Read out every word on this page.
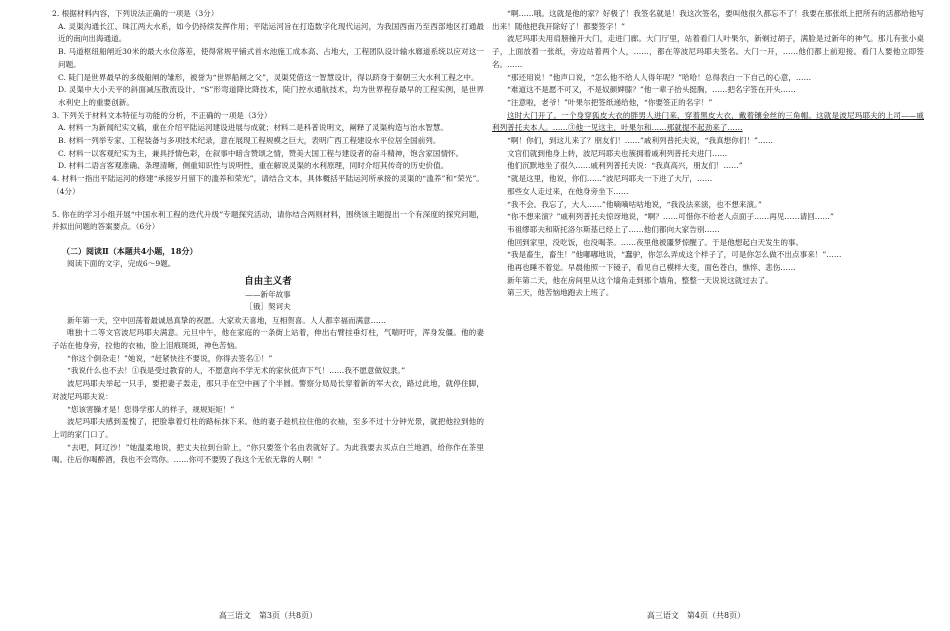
2. 根据材料内容，下列说法正确的一项是（3分）

A. 灵渠沟通长江、珠江两大水系，如今仍持续发挥作用；平陆运河旨在打造数字化现代运河，为我国西南乃至西部地区打通最近的南向出海通道。

B. 马道枢纽船闸近30米的最大水位落差，使得常规平铺式首水池施工成本高、占地大，工程团队设计输水廊道系统以应对这一问题。

C. 陡门是世界最早的多级船闸的雏形，被誉为“世界船闸之父”，灵渠凭借这一智慧设计，得以跻身于秦朝三大水利工程之中。

D. 灵渠中大小天平的斜面减压散流设计、“S”形弯道降比降技术，陡门控水通航技术，均为世界程存最早的工程实例，是世界水利史上的重要创新。

3. 下列关于材料文本特征与功能的分析，不正确的一项是（3分）

A. 材料一为新闻纪实文稿，重在介绍平陆运河建设进展与成就；材料二是科普说明文，阐释了灵渠构造与治水智慧。

B. 材料一列举专家、工程装备与多项技术纪录，意在展现工程规模之巨大，表明广西工程建设水平位居全国前列。

C. 材料一以客观纪实为主，兼具抒情色彩，在叙事中暗含赞颂之情，赞美大国工程与建设者的奋斗精神，饱含家国情怀。

D. 材料二语言客观准确、条理清晰，侧重知识性与说明性，重在解说灵渠的水利原理，同时介绍其传奇的历史价值。

4. 材料一指出平陆运河的修建“承接岁月留下的滥养和荣光”，请结合文本，具体概括平陆运河所承接的灵渠的“滥养”和“荣光”。（4分）

5. 你在的学习小组开展“中国水利工程的迭代升级”专题探究活动，请你结合两则材料，围绕该主题提出一个有深度的探究问题，并拟出问题的答案要点。（6分）

（二）阅读Ⅱ（本题共4小题，18分）

阅读下面的文字，完成6～9题。

自由主义者

——新年故事

［俄］契诃夫

新年第一天，空中回荡着最诚恳真挚的祝愿。大家欢天喜地，互相贺喜。人人都幸福而满意……

唯独十二等文官波尼玛耶夫满意。元旦中午，他在家庭的一条街上站着，伸出右臂挂垂灯柱，气喘吁吁，浑身发僵。他的妻子站在他身旁，拉他的衣袖，脸上泪痕斑斑，神色苦恼。

“你这个倒杂走！”她说，“赶紧快往不要说，你得去签名①！”

“我说什么也不去！①我是受过教育的人，不愿意向不学无术的家伙低声下气！……我不愿意做奴隶。”

波尼玛耶夫举起一只手，要把妻子轰走，那只手在空中画了个半圆。警察分局局长穿着新的军大衣，路过此地，就停住脚，对波尼玛耶夫说：

“您该害臊才是！您得学那人的样子，规规矩矩！”

波尼玛耶夫感到羞愧了，把脸靠着灯柱的路标抹下来。他的妻子趁机拉住他的衣袖，至多不过十分钟光景，就把他拉到他的上司的家门口了。

“去吧，阿辽沙！”她温柔地说，把丈夫拉到台阶上，“你只要签个名由表就好了。为此我要去买点白兰地酒，给你作在茶里喝。往后你喝醉酒，我也不会骂你。……你可不要毁了我这个无依无靠的人啊！”

“啊……哦。这就是他的家？好极了！我签名就是！我这次签名，要叫他很久都忘不了！我要在那张纸上把所有的活都给他写出来！随他把我开除好了！都要签字！”

波尼玛耶夫用肩膀撞开大门，走进门廊。大门厅里，站着看门人叶果尔，新剃过胡子，满脸是过新年的神气。那儿有张小桌子，上面放着一张纸，旁边站着两个人，……，都在等波尼玛耶夫签名。大门一开，……他们都上前迎接。看门人要他立即签名。……

“那还用说！”他声口说，“怎么他不给人人得年呢？”哈哈！总得表白一下自己的心意，……

“难道这不是愿不可又，不是奴颜婢膝？”他一辈子抬头挺胸，……把名字签在开头……

“注意啦，老爷！”叶果尔把签纸递给他，“你要签正的名字！”

这时大门开了。一个身穿狐皮大衣的胖男人进门来，穿着黑皮大衣，戴着镶金丝的三角帽。这就是波尼玛耶夫的上司——戚利列普托夫本人。……③他一见这主，叶果尔和……那就提不起劲来了……

“啊！你们，到这儿来了？朋友们！……”戚利列普托夫说，“我真想你们！”……

文官们就到他身上转，波尼玛耶夫也簇拥着戚利列普托夫进门……

他们沉默地坐了很久……戚利列普托夫说：“我真高兴，朋友们！……”

“就是这里，他说，你们……”波尼玛耶夫一下进了大厅，……

那些女人走过来，在他身旁坐下……

“我不会。我忘了，大人……”他嘀嘀咕咕地说，“我没法来演，也不想来演。”

“你不想来演？”戚利列普托夫惊讶地说，“啊？……可惜你不给老人点面子……再见……请回……”

韦祖缪耶夫和斯托洛尔斯基已经上了……他们都向大家告别……

他回到家里，没吃饭，也没喝茶。……夜里他被噩梦惊醒了。于是他想起白天发生的事。

“我是畜生，畜生！”他嘟嘟地说，“蠢驴，你怎么弄成这个样子了，可是你怎么做不出点事来！”……

他再也睡不着觉。早晨他照一下镜子，看见自己模样大变，面色苍白，憔悴、悲伤……

新年第二天，他在房间里从这个墙角走到那个墙角，整整一天说说这就过去了。

第三天，他苦恼地跑去上班了。

高三语文　第3页（共8页）	高三语文　第4页（共8页）
